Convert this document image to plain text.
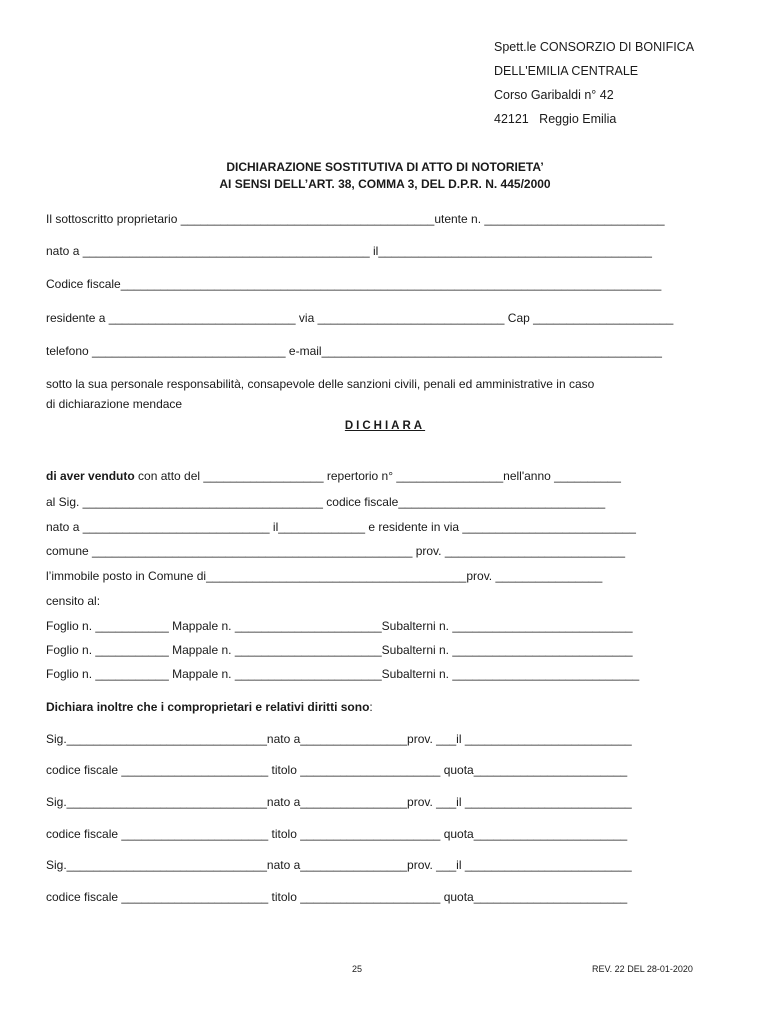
Spett.le CONSORZIO DI BONIFICA
DELL'EMILIA CENTRALE
Corso Garibaldi n° 42
42121   Reggio Emilia
DICHIARAZIONE SOSTITUTIVA DI ATTO DI NOTORIETA’
AI SENSI DELL’ART. 38, COMMA 3, DEL D.P.R. N. 445/2000
Il sottoscritto proprietario ______________________________________utente n. ___________________________
nato a ___________________________________________ il_________________________________________
Codice fiscale_________________________________________________________________________________
residente a ____________________________ via ____________________________ Cap _____________________
telefono _____________________________ e-mail___________________________________________________
sotto la sua personale responsabilità, consapevole delle sanzioni civili, penali ed amministrative in caso
di dichiarazione mendace
DICHIARA
di aver venduto con atto del __________________ repertorio n° ________________nell'anno __________
al Sig. ____________________________________ codice fiscale_______________________________
nato a ____________________________ il_____________ e residente in via __________________________
comune ________________________________________________ prov. ___________________________
l’immobile posto in Comune di_______________________________________prov. ________________
censito al:
Foglio n. ___________ Mappale n. ______________________Subalterni n. ___________________________
Foglio n. ___________ Mappale n. ______________________Subalterni n. ___________________________
Foglio n. ___________ Mappale n. ______________________Subalterni n. ____________________________
Dichiara inoltre che i comproprietari e relativi diritti sono:
Sig.______________________________nato a________________prov. ___il _________________________
codice fiscale ______________________ titolo _____________________ quota_______________________
Sig.______________________________nato a________________prov. ___il _________________________
codice fiscale ______________________ titolo _____________________ quota_______________________
Sig.______________________________nato a________________prov. ___il _________________________
codice fiscale ______________________ titolo _____________________ quota_______________________
25	REV. 22 DEL 28-01-2020
